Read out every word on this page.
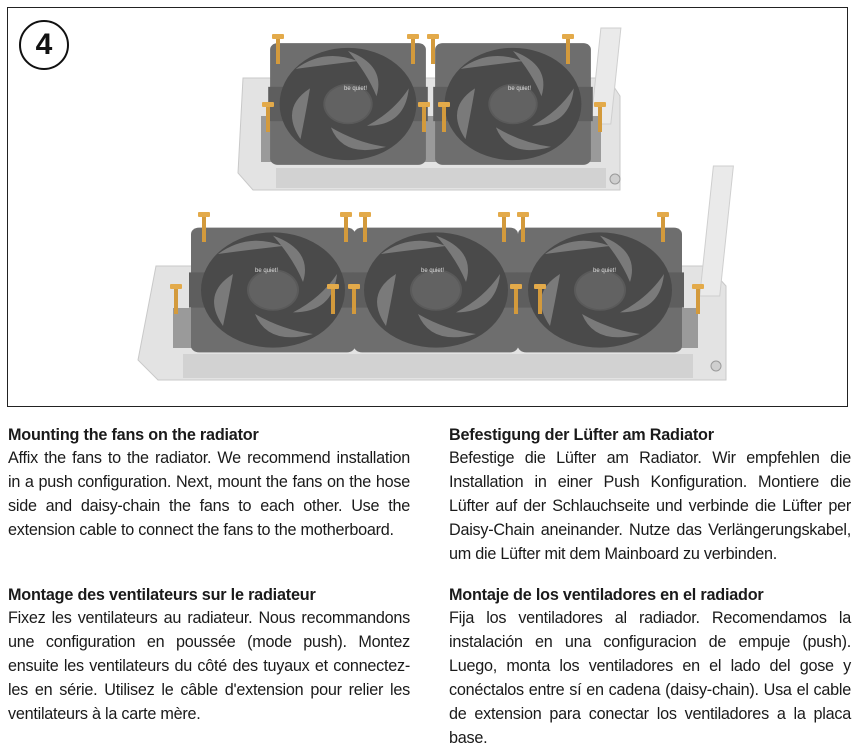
4
be quiet!	be quiet!
be quiet!	be quiet!	be quiet!
Mounting the fans on the radiator

Affix the fans to the radiator. We recommend installation in a push configuration. Next, mount the fans on the hose side and daisy-chain the fans to each other. Use the extension cable to connect the fans to the motherboard.

Befestigung der Lüfter am Radiator

Befestige die Lüfter am Radiator. Wir empfehlen die Installation in einer Push Konfiguration. Montiere die Lüfter auf der Schlauchseite und verbinde die Lüfter per Daisy-Chain aneinander. Nutze das Verlängerungskabel, um die Lüfter mit dem Mainboard zu verbinden.

Montage des ventilateurs sur le radiateur

Fixez les ventilateurs au radiateur. Nous recommandons une configuration en poussée (mode push). Montez ensuite les ventilateurs du côté des tuyaux et connectez-les en série. Utilisez le câble d'extension pour relier les ventilateurs à la carte mère.

Montaje de los ventiladores en el radiador

Fija los ventiladores al radiador. Recomendamos la instalación en una configuracion de empuje (push). Luego, monta los ventiladores en el lado del gose y conéctalos entre sí en cadena (daisy-chain). Usa el cable de extension para conectar los ventiladores a la placa base.
